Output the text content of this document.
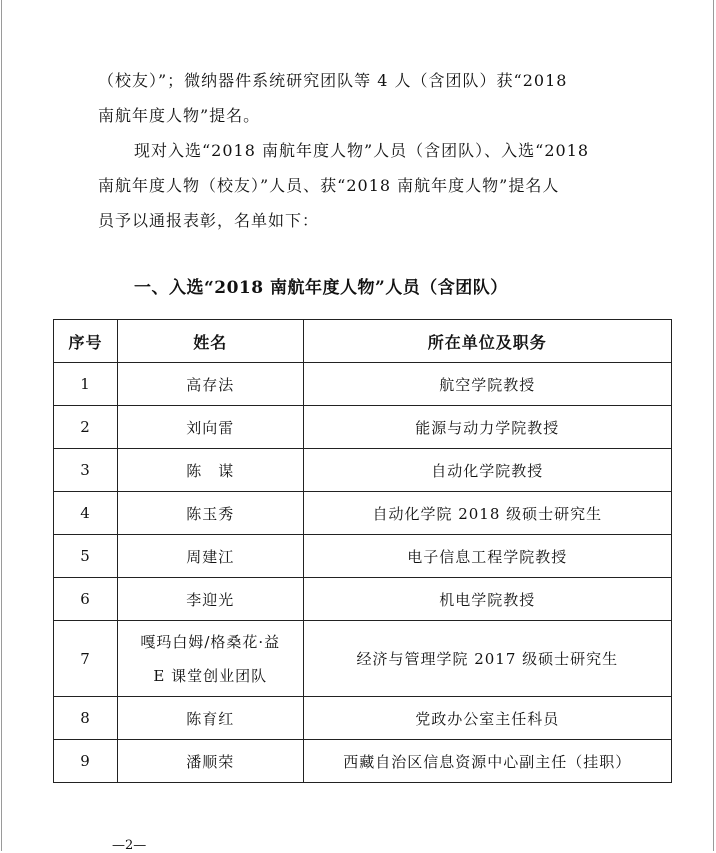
（校友）”；微纳器件系统研究团队等 4 人（含团队）获“2018
南航年度人物”提名。

现对入选“2018 南航年度人物”人员（含团队）、入选“2018
南航年度人物（校友）”人员、获“2018 南航年度人物”提名人
员予以通报表彰，名单如下：

一、入选“2018 南航年度人物”人员（含团队）
序号	姓名	所在单位及职务
1	高存法	航空学院教授
2	刘向雷	能源与动力学院教授
3	陈　谋	自动化学院教授
4	陈玉秀	自动化学院 2018 级硕士研究生
5	周建江	电子信息工程学院教授
6	李迎光	机电学院教授
7	嘎玛白姆/格桑花·益
E 课堂创业团队	经济与管理学院 2017 级硕士研究生
8	陈育红	党政办公室主任科员
9	潘顺荣	西藏自治区信息资源中心副主任（挂职）
—2—
